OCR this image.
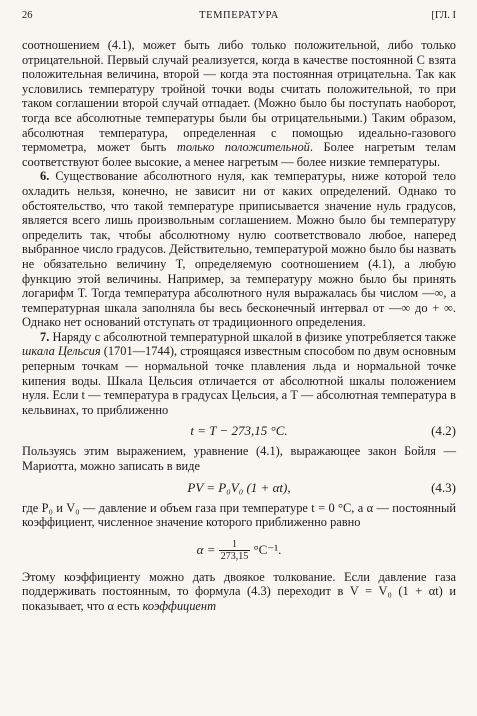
26	ТЕМПЕРАТУРА	[ГЛ. I

соотношением (4.1), может быть либо только положительной, либо только отрицательной. Первый случай реализуется, когда в качестве постоянной C взята положительная величина, второй — когда эта постоянная отрицательна. Так как условились температуру тройной точки воды считать положительной, то при таком соглашении второй случай отпадает. (Можно было бы поступать наоборот, тогда все абсолютные температуры были бы отрицательными.) Таким образом, абсолютная температура, определенная с помощью идеально-газового термометра, может быть только положительной. Более нагретым телам соответствуют более высокие, а менее нагретым — более низкие температуры.

6. Существование абсолютного нуля, как температуры, ниже которой тело охладить нельзя, конечно, не зависит ни от каких определений. Однако то обстоятельство, что такой температуре приписывается значение нуль градусов, является всего лишь произвольным соглашением. Можно было бы температуру определить так, чтобы абсолютному нулю соответствовало любое, наперед выбранное число градусов. Действительно, температурой можно было бы назвать не обязательно величину T, определяемую соотношением (4.1), а любую функцию этой величины. Например, за температуру можно было бы принять логарифм T. Тогда температура абсолютного нуля выражалась бы числом —∞, а температурная шкала заполняла бы весь бесконечный интервал от —∞ до + ∞. Однако нет оснований отступать от традиционного определения.

7. Наряду с абсолютной температурной шкалой в физике употребляется также шкала Цельсия (1701—1744), строящаяся известным способом по двум основным реперным точкам — нормальной точке плавления льда и нормальной точке кипения воды. Шкала Цельсия отличается от абсолютной шкалы положением нуля. Если t — температура в градусах Цельсия, а T — абсолютная температура в кельвинах, то приближенно

t = T − 273,15 °C.	(4.2)

Пользуясь этим выражением, уравнение (4.1), выражающее закон Бойля — Мариотта, можно записать в виде

PV = P₀V₀ (1 + αt),	(4.3)

где P₀ и V₀ — давление и объем газа при температуре t = 0 °C, а α — постоянный коэффициент, численное значение которого приближенно равно

$\alpha = \frac{1}{273,15} ^\circ C^{-1}$.

Этому коэффициенту можно дать двоякое толкование. Если давление газа поддерживать постоянным, то формула (4.3) переходит в V = V₀ (1 + αt) и показывает, что α есть коэффициент
